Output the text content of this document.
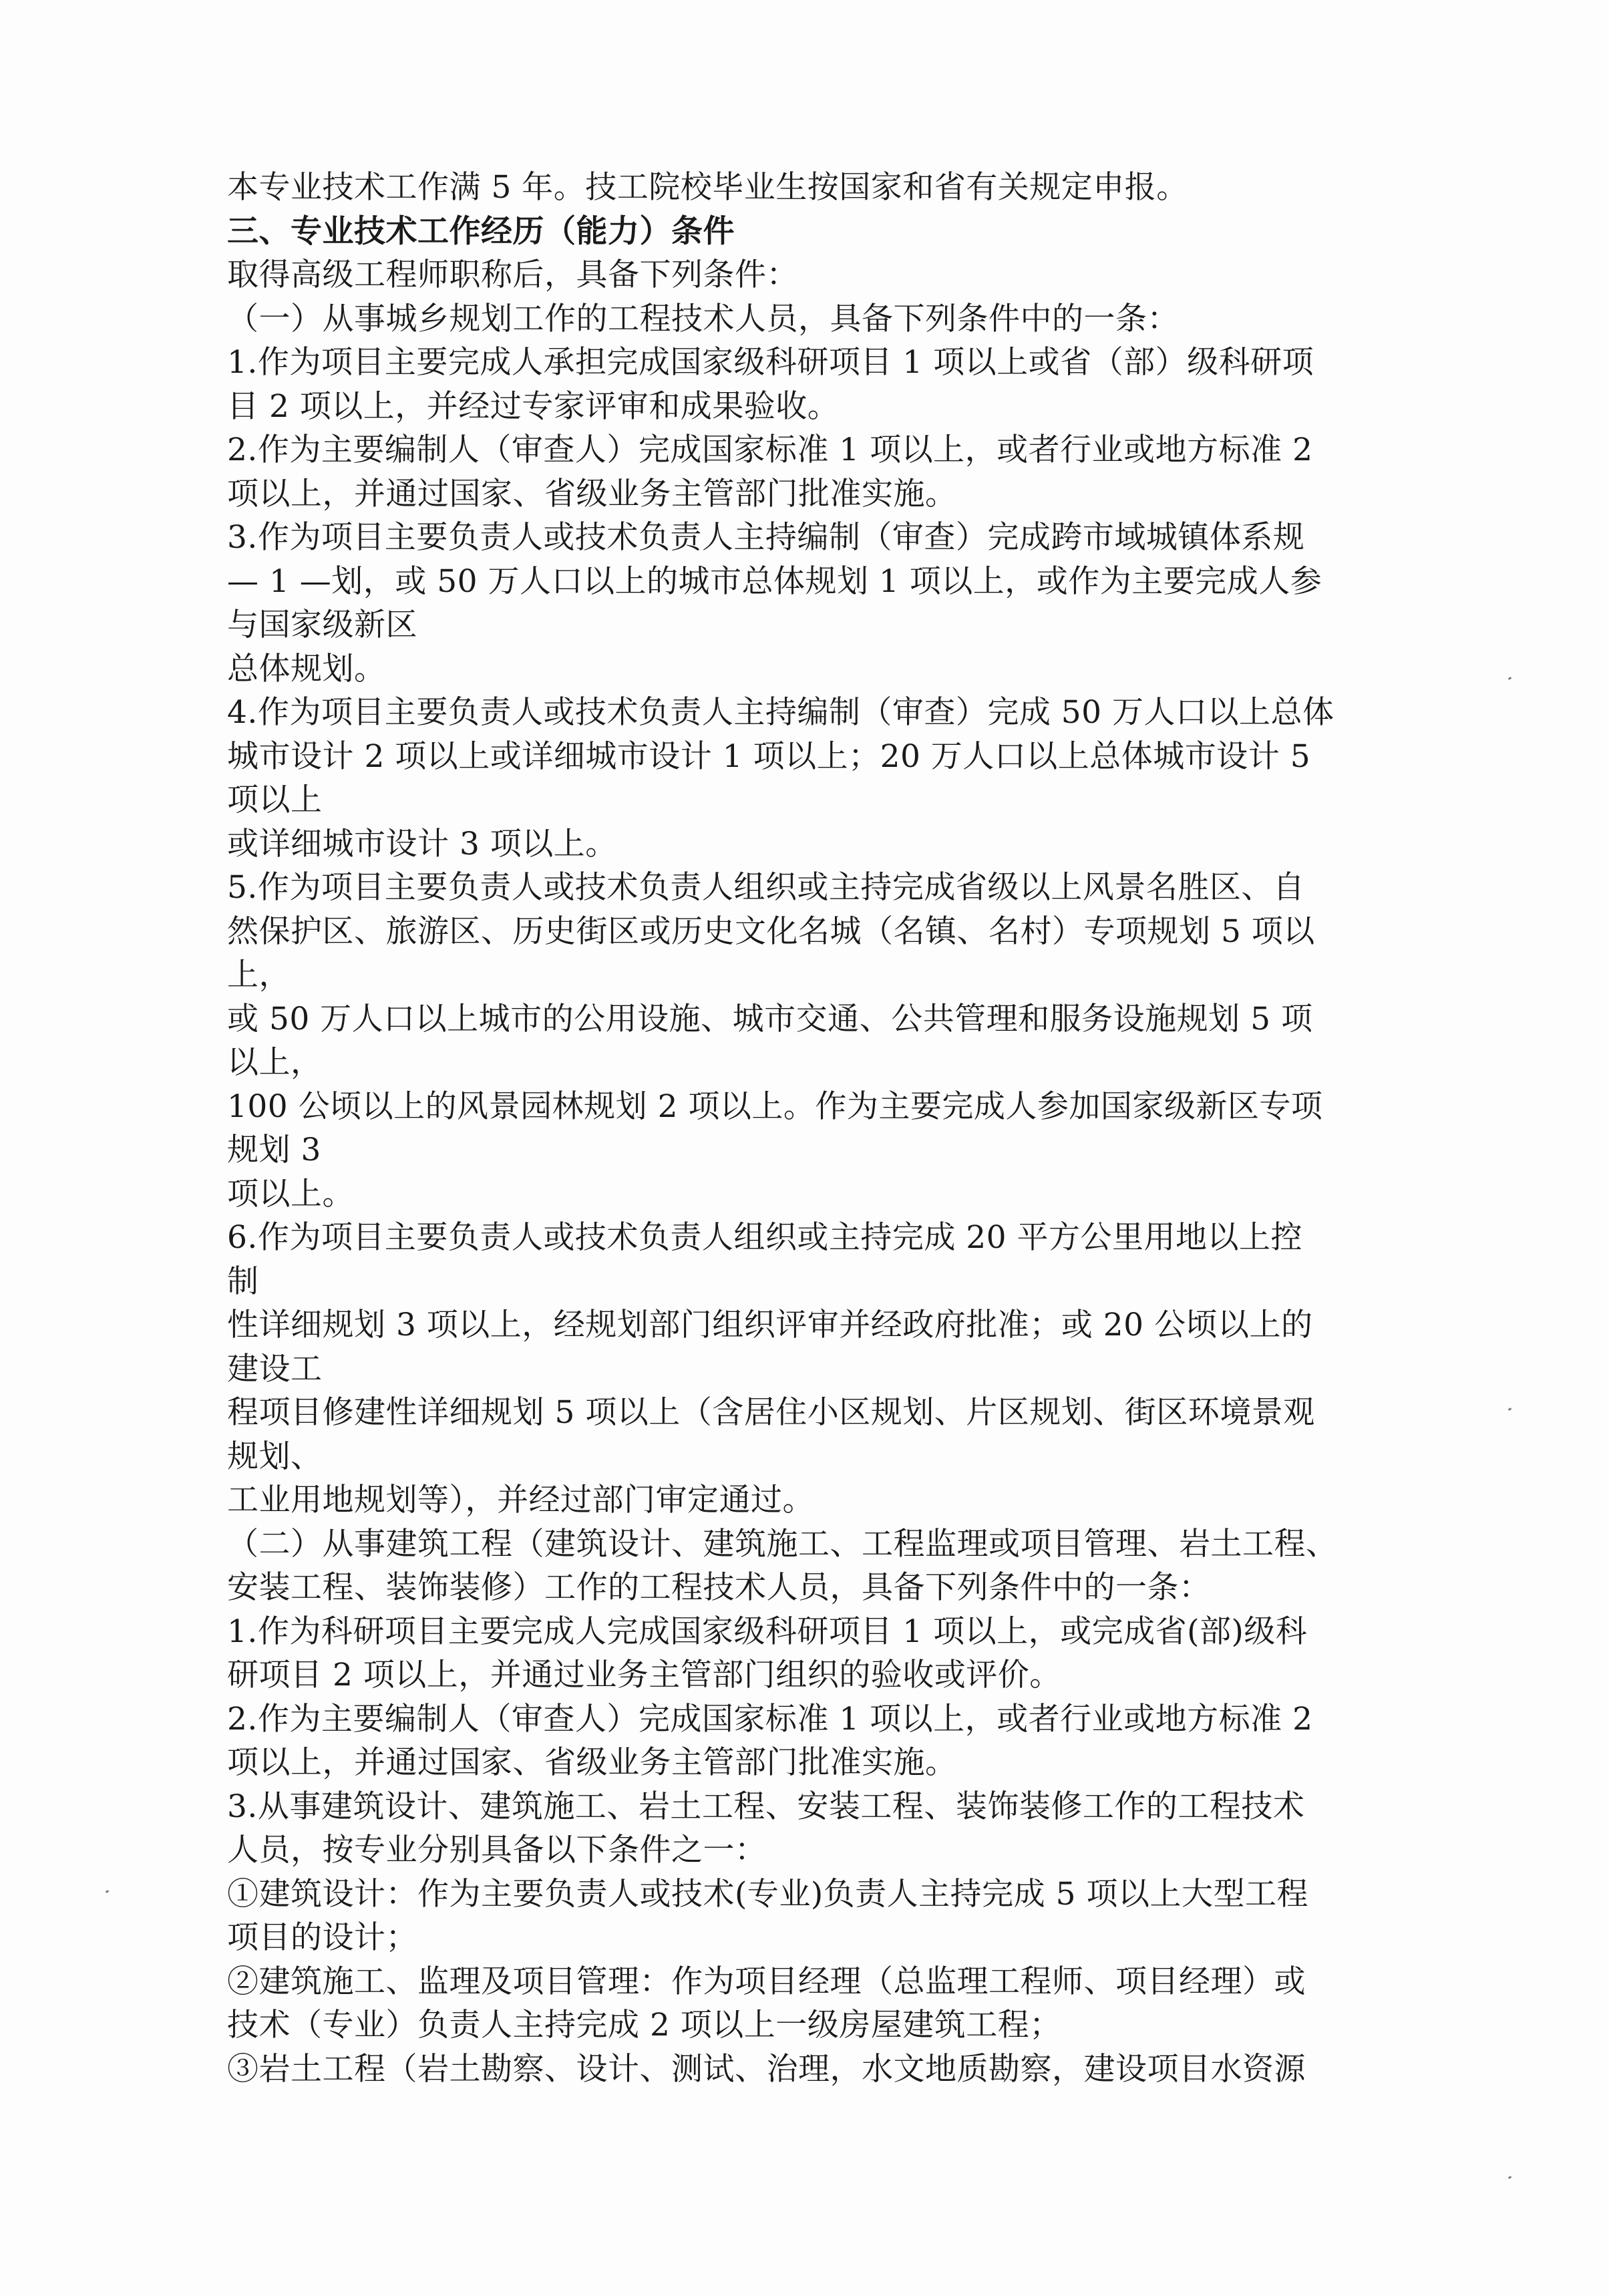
本专业技术工作满 5 年。技工院校毕业生按国家和省有关规定申报。
三、专业技术工作经历（能力）条件
取得高级工程师职称后，具备下列条件：
（一）从事城乡规划工作的工程技术人员，具备下列条件中的一条：
1.作为项目主要完成人承担完成国家级科研项目 1 项以上或省（部）级科研项
目 2 项以上，并经过专家评审和成果验收。
2.作为主要编制人（审查人）完成国家标准 1 项以上，或者行业或地方标准 2
项以上，并通过国家、省级业务主管部门批准实施。
3.作为项目主要负责人或技术负责人主持编制（审查）完成跨市域城镇体系规
— 1 —划，或 50 万人口以上的城市总体规划 1 项以上，或作为主要完成人参
与国家级新区
总体规划。
4.作为项目主要负责人或技术负责人主持编制（审查）完成 50 万人口以上总体
城市设计 2 项以上或详细城市设计 1 项以上；20 万人口以上总体城市设计 5
项以上
或详细城市设计 3 项以上。
5.作为项目主要负责人或技术负责人组织或主持完成省级以上风景名胜区、自
然保护区、旅游区、历史街区或历史文化名城（名镇、名村）专项规划 5 项以
上，
或 50 万人口以上城市的公用设施、城市交通、公共管理和服务设施规划 5 项
以上，
100 公顷以上的风景园林规划 2 项以上。作为主要完成人参加国家级新区专项
规划 3
项以上。
6.作为项目主要负责人或技术负责人组织或主持完成 20 平方公里用地以上控
制
性详细规划 3 项以上，经规划部门组织评审并经政府批准；或 20 公顷以上的
建设工
程项目修建性详细规划 5 项以上（含居住小区规划、片区规划、街区环境景观
规划、
工业用地规划等），并经过部门审定通过。
（二）从事建筑工程（建筑设计、建筑施工、工程监理或项目管理、岩土工程、
安装工程、装饰装修）工作的工程技术人员，具备下列条件中的一条：
1.作为科研项目主要完成人完成国家级科研项目 1 项以上，或完成省(部)级科
研项目 2 项以上，并通过业务主管部门组织的验收或评价。
2.作为主要编制人（审查人）完成国家标准 1 项以上，或者行业或地方标准 2
项以上，并通过国家、省级业务主管部门批准实施。
3.从事建筑设计、建筑施工、岩土工程、安装工程、装饰装修工作的工程技术
人员，按专业分别具备以下条件之一：
①建筑设计：作为主要负责人或技术(专业)负责人主持完成 5 项以上大型工程
项目的设计；
②建筑施工、监理及项目管理：作为项目经理（总监理工程师、项目经理）或
技术（专业）负责人主持完成 2 项以上一级房屋建筑工程；
③岩土工程（岩土勘察、设计、测试、治理，水文地质勘察，建设项目水资源
